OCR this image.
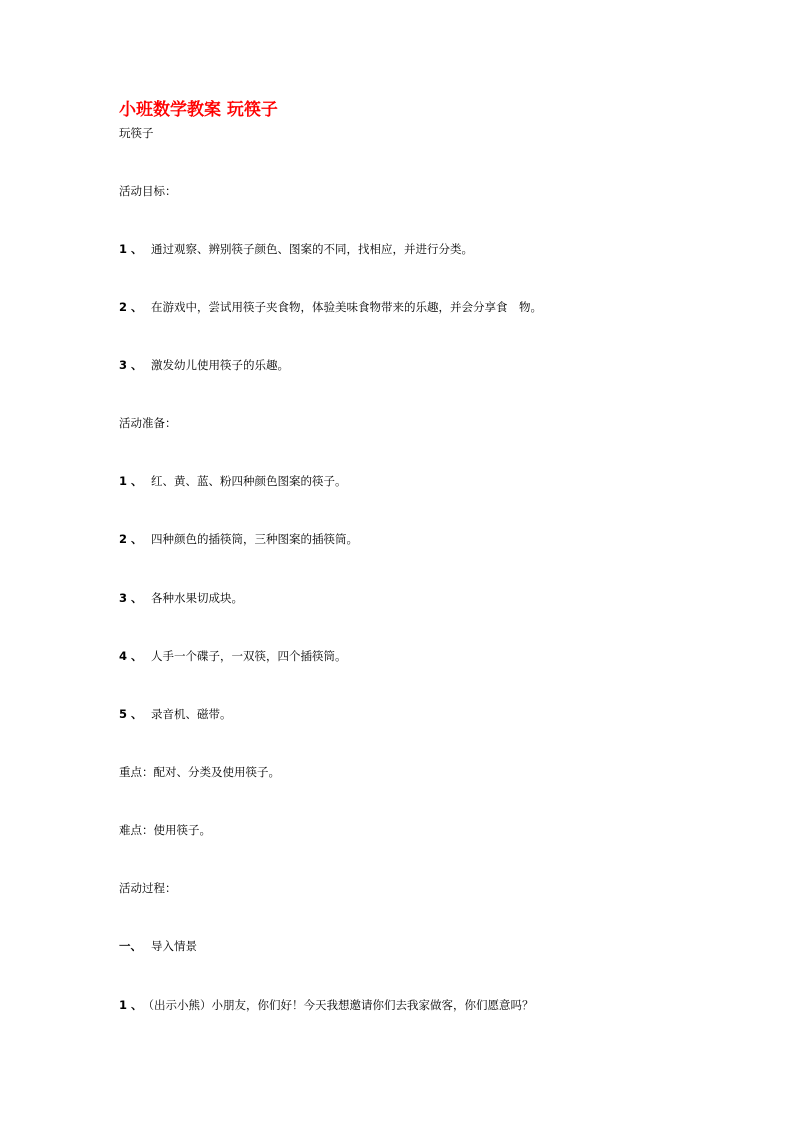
小班数学教案 玩筷子
玩筷子
活动目标：
1 、 通过观察、辨别筷子颜色、图案的不同，找相应，并进行分类。
2 、 在游戏中，尝试用筷子夹食物，体验美味食物带来的乐趣，并会分享食　物。
3 、 激发幼儿使用筷子的乐趣。
活动准备：
1 、 红、黄、蓝、粉四种颜色图案的筷子。
2 、 四种颜色的插筷筒，三种图案的插筷筒。
3 、 各种水果切成块。
4 、 人手一个碟子，一双筷，四个插筷筒。
5 、 录音机、磁带。
重点：配对、分类及使用筷子。
难点：使用筷子。
活动过程：
一、 导入情景
1 、（出示小熊）小朋友，你们好！今天我想邀请你们去我家做客，你们愿意吗？
